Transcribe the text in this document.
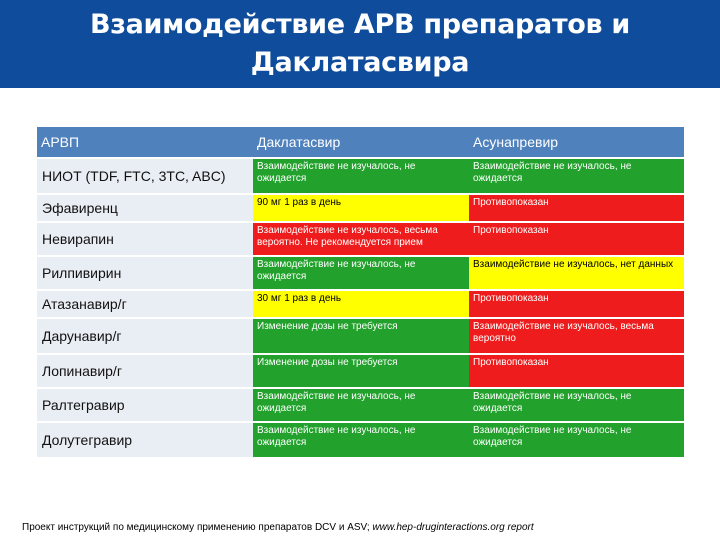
Взаимодействие АРВ препаратов и Даклатасвира
и Асунапревира
АРВП	Даклатасвир	Асунапревир
НИОТ (TDF, FTC, 3TC, ABC)	Взаимодействие не изучалось, не ожидается	Взаимодействие не изучалось, не ожидается
Эфавиренц	90 мг 1 раз в день	Противопоказан
Невирапин	Взаимодействие не изучалось, весьма вероятно. Не рекомендуется прием	Противопоказан
Рилпивирин	Взаимодействие не изучалось, не ожидается	Взаимодействие не изучалось, нет данных
Атазанавир/г	30 мг 1 раз в день	Противопоказан
Дарунавир/г	Изменение дозы не требуется	Взаимодействие не изучалось, весьма вероятно
Лопинавир/г	Изменение дозы не требуется	Противопоказан
Ралтегравир	Взаимодействие не изучалось, не ожидается	Взаимодействие не изучалось, не ожидается
Долутегравир	Взаимодействие не изучалось, не ожидается	Взаимодействие не изучалось, не ожидается
Проект инструкций по медицинскому применению препаратов DCV и ASV; www.hep-druginteractions.org report
